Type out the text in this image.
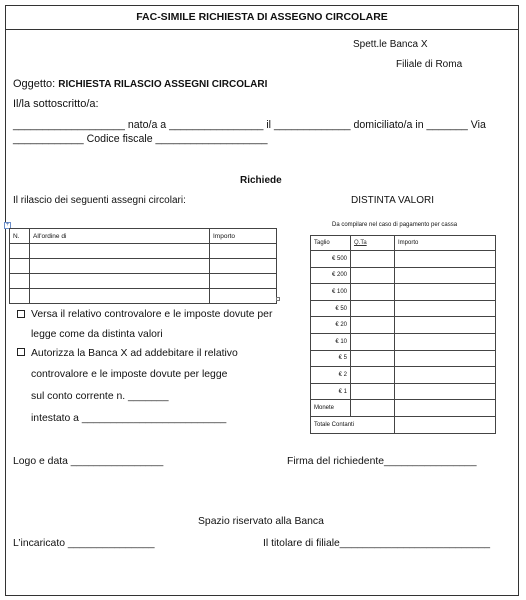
FAC-SIMILE RICHIESTA DI ASSEGNO CIRCOLARE
Spett.le Banca X
Filiale di Roma
Oggetto: RICHIESTA RILASCIO ASSEGNI CIRCOLARI
Il/la sottoscritto/a:
___________________ nato/a a ________________ il _____________ domiciliato/a in _______ Via
____________ Codice fiscale ___________________
Richiede
Il rilascio dei seguenti assegni circolari:
+
N.	All'ordine di	Importo

Versa il relativo controvalore e le imposte dovute per
legge come da distinta valori
Autorizza la Banca X ad addebitare il relativo
controvalore e le imposte dovute per legge
sul conto corrente n. _______
intestato a _________________________
DISTINTA VALORI
Da compilare nel caso di pagamento per cassa
Taglio	Q.Ta	Importo
€ 500		
€ 200		
€ 100		
€ 50		
€ 20		
€ 10		
€ 5		
€ 2		
€ 1		
Monete		
Totale Contanti		
Logo e data ________________	Firma del richiedente________________
Spazio riservato alla Banca
L’incaricato _______________	Il titolare di filiale__________________________
